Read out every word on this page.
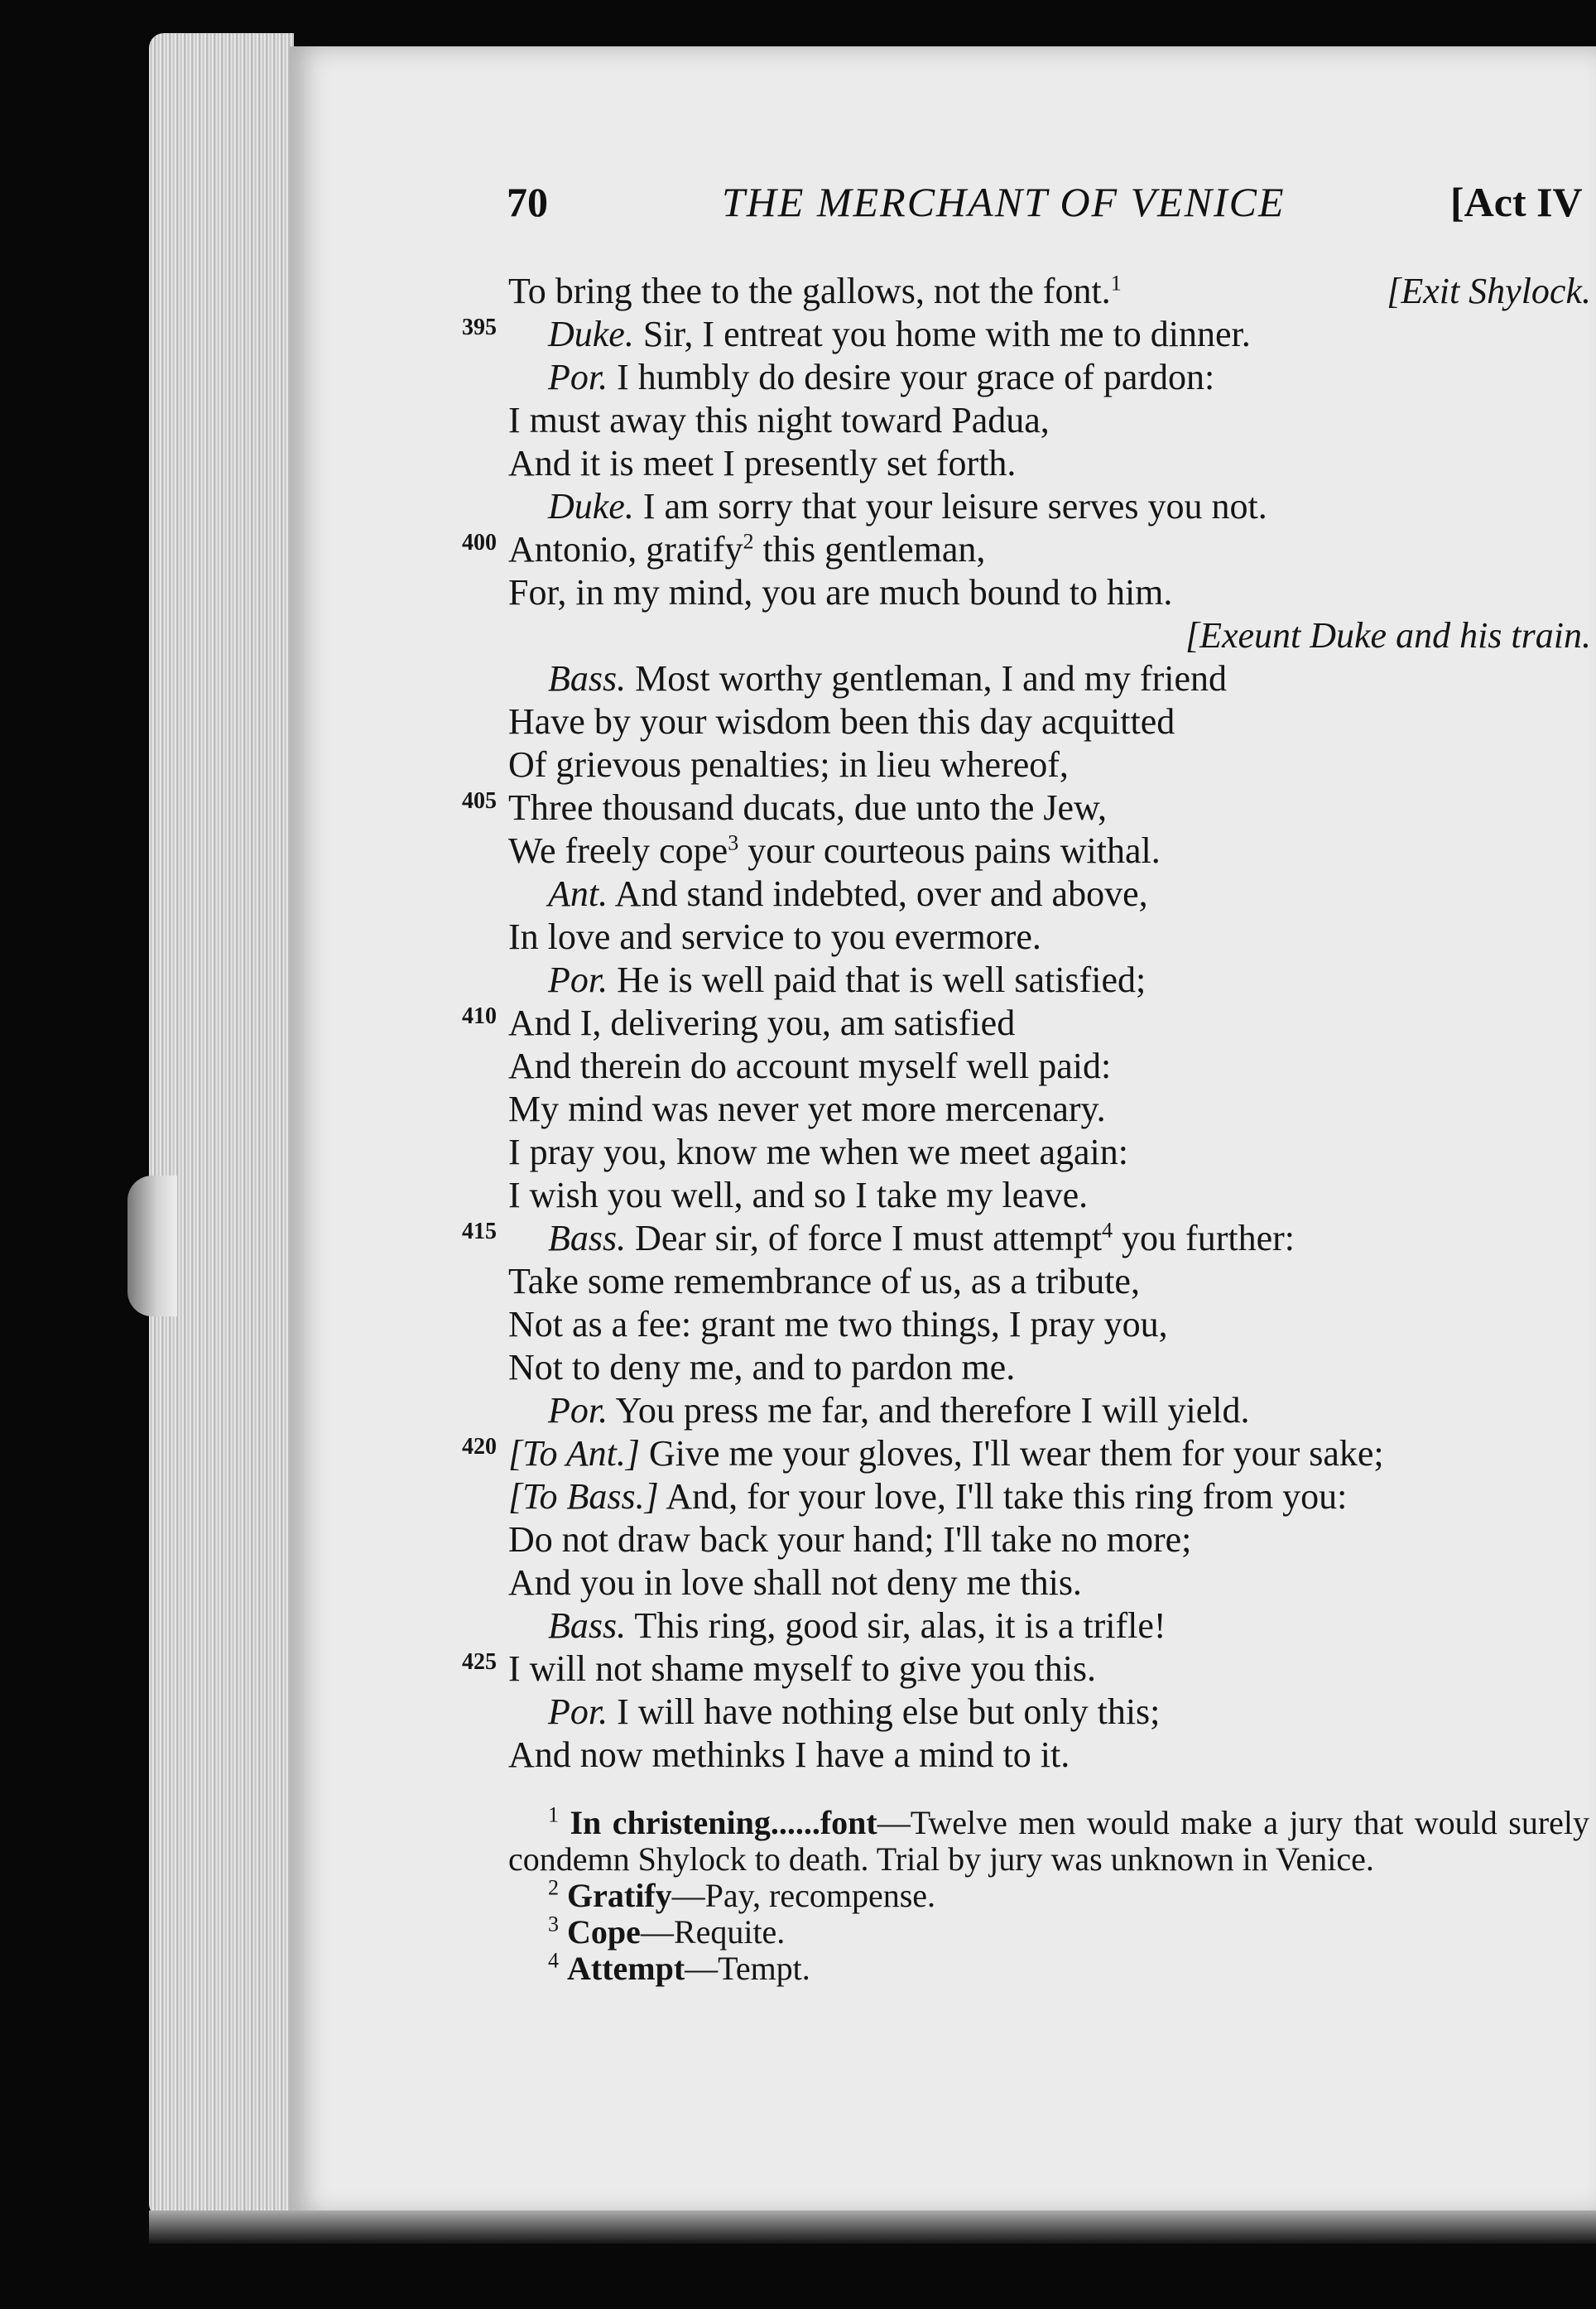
70	THE MERCHANT OF VENICE	[Act IV
To bring thee to the gallows, not the font.$^1$	[Exit Shylock.
395 Duke. Sir, I entreat you home with me to dinner.
Por. I humbly do desire your grace of pardon:
I must away this night toward Padua,
And it is meet I presently set forth.
Duke. I am sorry that your leisure serves you not.
400 Antonio, gratify$^2$ this gentleman,
For, in my mind, you are much bound to him.
[Exeunt Duke and his train.
Bass. Most worthy gentleman, I and my friend
Have by your wisdom been this day acquitted
Of grievous penalties; in lieu whereof,
405 Three thousand ducats, due unto the Jew,
We freely cope$^3$ your courteous pains withal.
Ant. And stand indebted, over and above,
In love and service to you evermore.
Por. He is well paid that is well satisfied;
410 And I, delivering you, am satisfied
And therein do account myself well paid:
My mind was never yet more mercenary.
I pray you, know me when we meet again:
I wish you well, and so I take my leave.
415 Bass. Dear sir, of force I must attempt$^4$ you further:
Take some remembrance of us, as a tribute,
Not as a fee: grant me two things, I pray you,
Not to deny me, and to pardon me.
Por. You press me far, and therefore I will yield.
420 [To Ant.] Give me your gloves, I'll wear them for your sake;
[To Bass.] And, for your love, I'll take this ring from you:
Do not draw back your hand; I'll take no more;
And you in love shall not deny me this.
Bass. This ring, good sir, alas, it is a trifle!
425 I will not shame myself to give you this.
Por. I will have nothing else but only this;
And now methinks I have a mind to it.
$^1$ In christening......font—Twelve men would make a jury that would surely condemn Shylock to death. Trial by jury was unknown in Venice.
$^2$ Gratify—Pay, recompense.
$^3$ Cope—Requite.
$^4$ Attempt—Tempt.
